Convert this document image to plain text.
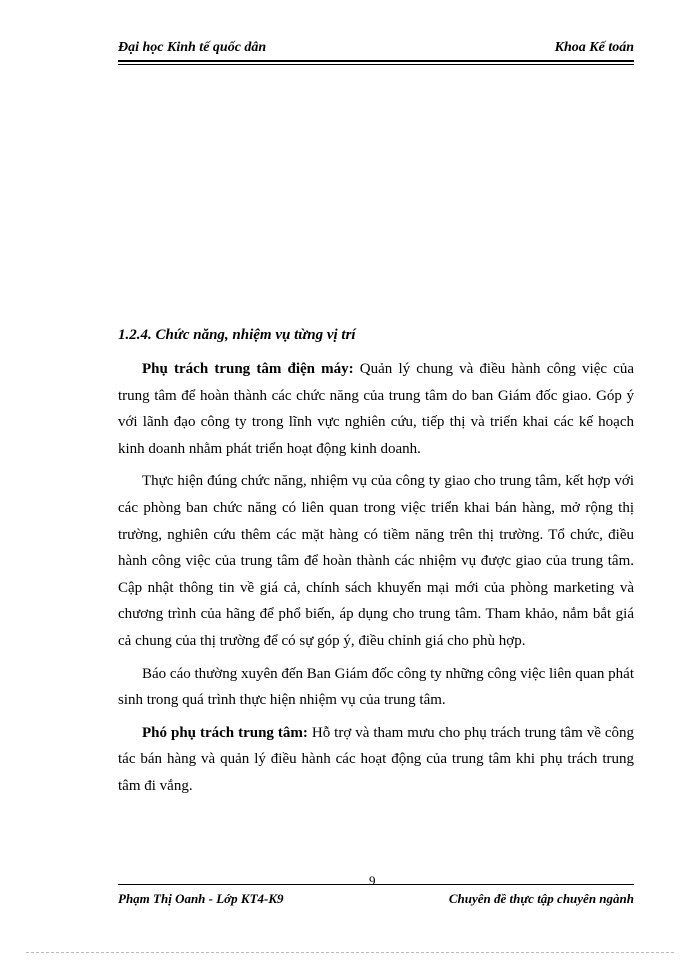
Đại học Kinh tế quốc dân	Khoa Kế toán
1.2.4. Chức năng, nhiệm vụ từng vị trí

Phụ trách trung tâm điện máy: Quản lý chung và điều hành công việc của trung tâm để hoàn thành các chức năng của trung tâm do ban Giám đốc giao. Góp ý với lãnh đạo công ty trong lĩnh vực nghiên cứu, tiếp thị và triển khai các kế hoạch kinh doanh nhằm phát triển hoạt động kinh doanh.

Thực hiện đúng chức năng, nhiệm vụ của công ty giao cho trung tâm, kết hợp với các phòng ban chức năng có liên quan trong việc triển khai bán hàng, mở rộng thị trường, nghiên cứu thêm các mặt hàng có tiềm năng trên thị trường. Tổ chức, điều hành công việc của trung tâm để hoàn thành các nhiệm vụ được giao của trung tâm. Cập nhật thông tin về giá cả, chính sách khuyến mại mới của phòng marketing và chương trình của hãng để phổ biến, áp dụng cho trung tâm. Tham khảo, nắm bắt giá cả chung của thị trường để có sự góp ý, điều chỉnh giá cho phù hợp.

Báo cáo thường xuyên đến Ban Giám đốc công ty những công việc liên quan phát sinh trong quá trình thực hiện nhiệm vụ của trung tâm.

Phó phụ trách trung tâm: Hỗ trợ và tham mưu cho phụ trách trung tâm về công tác bán hàng và quản lý điều hành các hoạt động của trung tâm khi phụ trách trung tâm đi vắng.

9
Phạm Thị Oanh - Lớp KT4-K9	Chuyên đề thực tập chuyên ngành
